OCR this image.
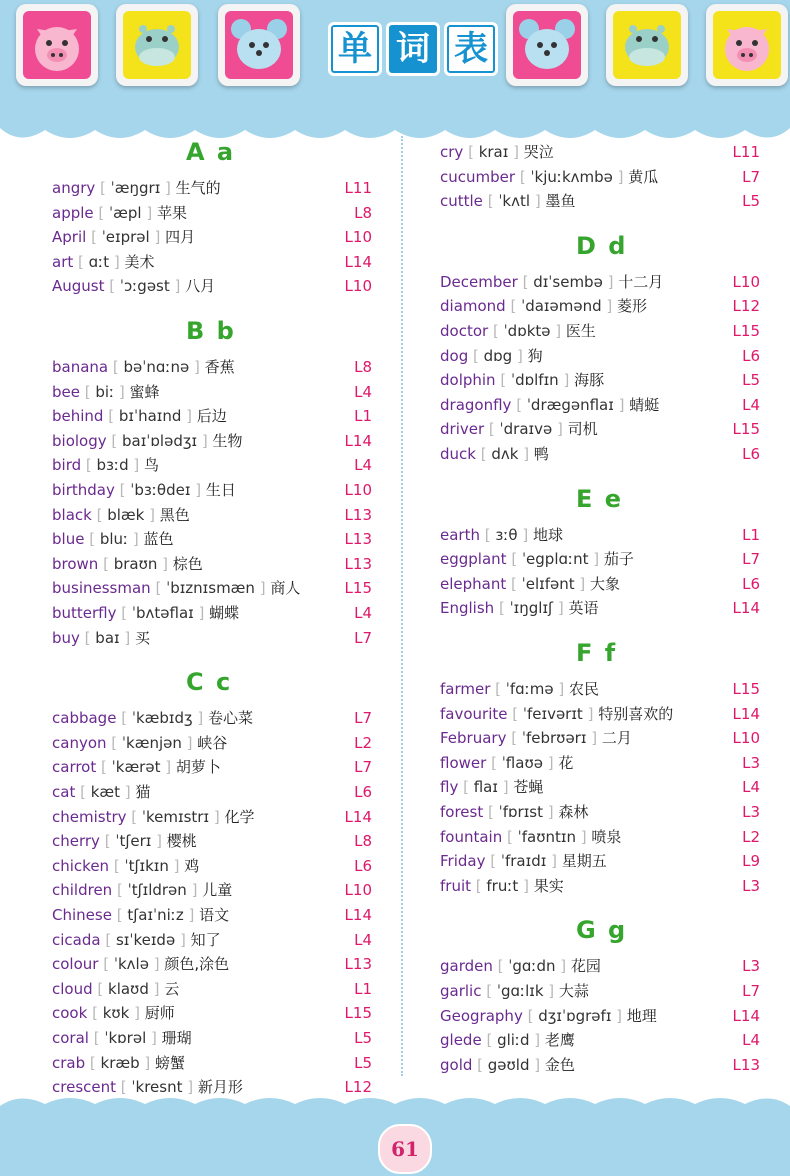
单 词 表
A a
angry [ ˈæŋgrɪ ] 生气的	L11
apple [ ˈæpl ] 苹果	L8
April [ ˈeɪprəl ] 四月	L10
art [ ɑːt ] 美术	L14
August [ ˈɔːgəst ] 八月	L10
B b
banana [ bəˈnɑːnə ] 香蕉	L8
bee [ biː ] 蜜蜂	L4
behind [ bɪˈhaɪnd ] 后边	L1
biology [ baɪˈɒlədʒɪ ] 生物	L14
bird [ bɜːd ] 鸟	L4
birthday [ ˈbɜːθdeɪ ] 生日	L10
black [ blæk ] 黑色	L13
blue [ bluː ] 蓝色	L13
brown [ braʊn ] 棕色	L13
businessman [ ˈbɪznɪsmæn ] 商人	L15
butterfly [ ˈbʌtəflaɪ ] 蝴蝶	L4
buy [ baɪ ] 买	L7
C c
cabbage [ ˈkæbɪdʒ ] 卷心菜	L7
canyon [ ˈkænjən ] 峡谷	L2
carrot [ ˈkærət ] 胡萝卜	L7
cat [ kæt ] 猫	L6
chemistry [ ˈkemɪstrɪ ] 化学	L14
cherry [ ˈtʃerɪ ] 樱桃	L8
chicken [ ˈtʃɪkɪn ] 鸡	L6
children [ ˈtʃɪldrən ] 儿童	L10
Chinese [ tʃaɪˈniːz ] 语文	L14
cicada [ sɪˈkeɪdə ] 知了	L4
colour [ ˈkʌlə ] 颜色,涂色	L13
cloud [ klaʊd ] 云	L1
cook [ kʊk ] 厨师	L15
coral [ ˈkɒrəl ] 珊瑚	L5
crab [ kræb ] 螃蟹	L5
crescent [ ˈkresnt ] 新月形	L12
cry [ kraɪ ] 哭泣	L11
cucumber [ ˈkjuːkʌmbə ] 黄瓜	L7
cuttle [ ˈkʌtl ] 墨鱼	L5
D d
December [ dɪˈsembə ] 十二月	L10
diamond [ ˈdaɪəmənd ] 菱形	L12
doctor [ ˈdɒktə ] 医生	L15
dog [ dɒg ] 狗	L6
dolphin [ ˈdɒlfɪn ] 海豚	L5
dragonfly [ ˈdrægənflaɪ ] 蜻蜓	L4
driver [ ˈdraɪvə ] 司机	L15
duck [ dʌk ] 鸭	L6
E e
earth [ ɜːθ ] 地球	L1
eggplant [ ˈegplɑːnt ] 茄子	L7
elephant [ ˈelɪfənt ] 大象	L6
English [ ˈɪŋglɪʃ ] 英语	L14
F f
farmer [ ˈfɑːmə ] 农民	L15
favourite [ ˈfeɪvərɪt ] 特别喜欢的	L14
February [ ˈfebrʊərɪ ] 二月	L10
flower [ ˈflaʊə ] 花	L3
fly [ flaɪ ] 苍蝇	L4
forest [ ˈfɒrɪst ] 森林	L3
fountain [ ˈfaʊntɪn ] 喷泉	L2
Friday [ ˈfraɪdɪ ] 星期五	L9
fruit [ fruːt ] 果实	L3
G g
garden [ ˈgɑːdn ] 花园	L3
garlic [ ˈgɑːlɪk ] 大蒜	L7
Geography [ dʒɪˈɒgrəfɪ ] 地理	L14
glede [ gliːd ] 老鹰	L4
gold [ gəʊld ] 金色	L13
61
